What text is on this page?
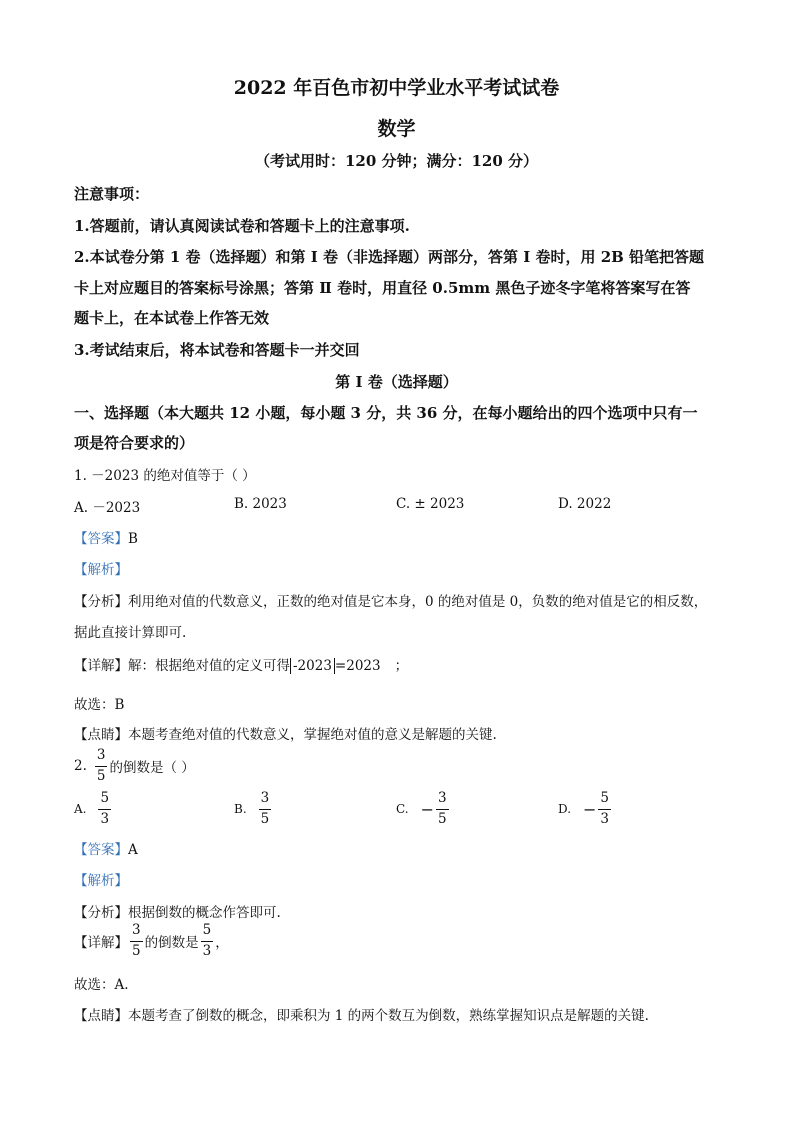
2022 年百色市初中学业水平考试试卷
数学
（考试用时：120 分钟；满分：120 分）
注意事项：
1.答题前，请认真阅读试卷和答题卡上的注意事项.
2.本试卷分第 1 卷（选择题）和第 I 卷（非选择题）两部分，答第 I 卷时，用 2B 铅笔把答题
卡上对应题目的答案标号涂黑；答第 Ⅱ 卷时，用直径 0.5mm 黑色子迹冬字笔将答案写在答
题卡上，在本试卷上作答无效
3.考试结束后，将本试卷和答题卡一并交回
第 I 卷（选择题）
一、选择题（本大题共 12 小题，每小题 3 分，共 36 分，在每小题给出的四个选项中只有一
项是符合要求的）
1. －2023 的绝对值等于（ ）
A. －2023	B. 2023	C. ± 2023	D. 2022
【答案】B
【解析】
【分析】利用绝对值的代数意义，正数的绝对值是它本身，0 的绝对值是 0，负数的绝对值是它的相反数，
据此直接计算即可.
【详解】解：根据绝对值的定义可得 -2023 =2023 ；
故选：B
【点睛】本题考查绝对值的代数意义，掌握绝对值的意义是解题的关键.
2. $\frac{3}{5}$ 的倒数是（ ）
A. $\frac{5}{3}$	B. $\frac{3}{5}$	C. − $\frac{3}{5}$	D. − $\frac{5}{3}$
【答案】A
【解析】
【分析】根据倒数的概念作答即可.
【详解】 $\frac{3}{5}$ 的倒数是 $\frac{5}{3}$ ，
故选：A.
【点睛】本题考查了倒数的概念，即乘积为 1 的两个数互为倒数，熟练掌握知识点是解题的关键.
